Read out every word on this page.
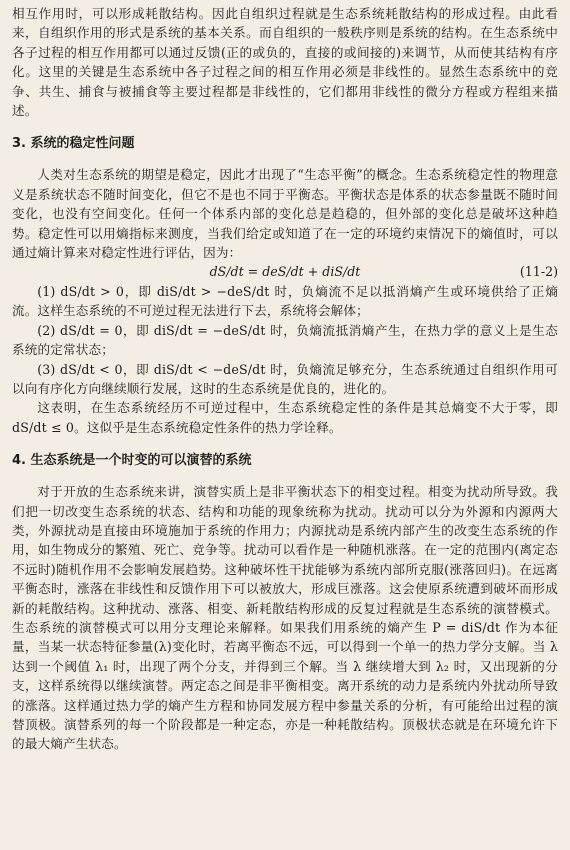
相互作用时，可以形成耗散结构。因此自组织过程就是生态系统耗散结构的形成过程。由此看来，自组织作用的形式是系统的基本关系。而自组织的一般秩序则是系统的结构。在生态系统中各子过程的相互作用都可以通过反馈(正的或负的，直接的或间接的)来调节，从而使其结构有序化。这里的关键是生态系统中各子过程之间的相互作用必须是非线性的。显然生态系统中的竞争、共生、捕食与被捕食等主要过程都是非线性的，它们都用非线性的微分方程或方程组来描述。

3. 系统的稳定性问题

人类对生态系统的期望是稳定，因此才出现了“生态平衡”的概念。生态系统稳定性的物理意义是系统状态不随时间变化，但它不是也不同于平衡态。平衡状态是体系的状态参量既不随时间变化，也没有空间变化。任何一个体系内部的变化总是趋稳的，但外部的变化总是破坏这种趋势。稳定性可以用熵指标来测度，当我们给定或知道了在一定的环境约束情况下的熵值时，可以通过熵计算来对稳定性进行评估，因为：

dS/dt = deS/dt + diS/dt	(11-2)

(1) dS/dt > 0，即 diS/dt > −deS/dt 时，负熵流不足以抵消熵产生或环境供给了正熵流。这样生态系统的不可逆过程无法进行下去，系统将会解体；

(2) dS/dt = 0，即 diS/dt = −deS/dt 时，负熵流抵消熵产生，在热力学的意义上是生态系统的定常状态；

(3) dS/dt < 0，即 diS/dt < −deS/dt 时，负熵流足够充分，生态系统通过自组织作用可以向有序化方向继续顺行发展，这时的生态系统是优良的，进化的。

这表明，在生态系统经历不可逆过程中，生态系统稳定性的条件是其总熵变不大于零，即 dS/dt ≤ 0。这似乎是生态系统稳定性条件的热力学诠释。

4. 生态系统是一个时变的可以演替的系统

对于开放的生态系统来讲，演替实质上是非平衡状态下的相变过程。相变为扰动所导致。我们把一切改变生态系统的状态、结构和功能的现象统称为扰动。扰动可以分为外源和内源两大类，外源扰动是直接由环境施加于系统的作用力；内源扰动是系统内部产生的改变生态系统的作用，如生物成分的繁殖、死亡、竞争等。扰动可以看作是一种随机涨落。在一定的范围内(离定态不远时)随机作用不会影响发展趋势。这种破坏性干扰能够为系统内部所克服(涨落回归)。在远离平衡态时，涨落在非线性和反馈作用下可以被放大，形成巨涨落。这会使原系统遭到破坏而形成新的耗散结构。这种扰动、涨落、相变、新耗散结构形成的反复过程就是生态系统的演替模式。生态系统的演替模式可以用分支理论来解释。如果我们用系统的熵产生 P = diS/dt 作为本征量，当某一状态特征参量(λ)变化时，若离平衡态不远，可以得到一个单一的热力学分支解。当 λ 达到一个阈值 λ₁ 时，出现了两个分支，并得到三个解。当 λ 继续增大到 λ₂ 时，又出现新的分支，这样系统得以继续演替。两定态之间是非平衡相变。离开系统的动力是系统内外扰动所导致的涨落。这样通过热力学的熵产生方程和协同发展方程中参量关系的分析，有可能给出过程的演替顶极。演替系列的每一个阶段都是一种定态，亦是一种耗散结构。顶极状态就是在环境允许下的最大熵产生状态。
